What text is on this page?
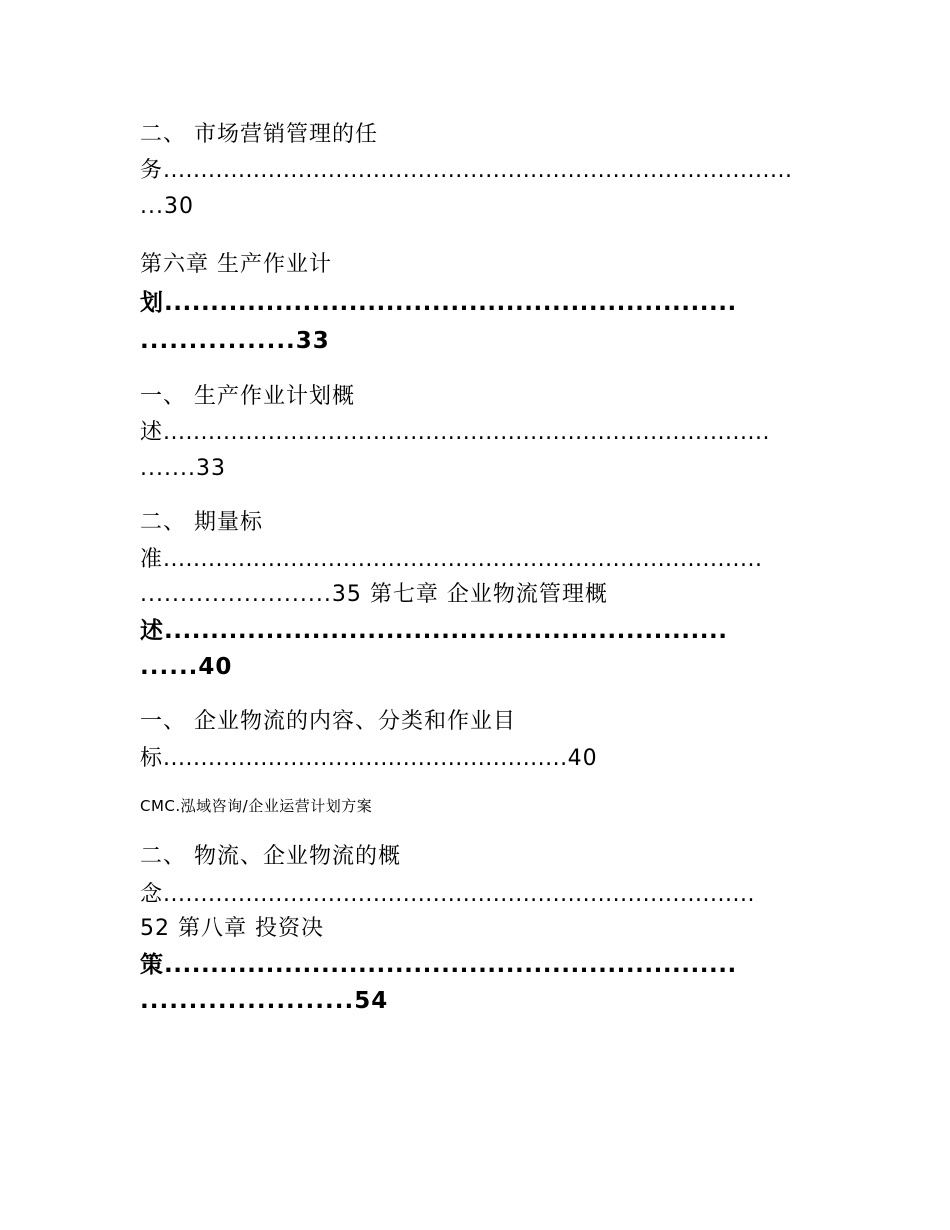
二、 市场营销管理的任
务....................................................................................
...30
第六章 生产作业计
划..............................................................
................33
一、 生产作业计划概
述.................................................................................
.......33
二、 期量标
准................................................................................
........................35 第七章 企业物流管理概
述.............................................................
......40
一、 企业物流的内容、分类和作业目
标......................................................40
CMC.泓域咨询/企业运营计划方案
二、 物流、企业物流的概
念...............................................................................
52 第八章 投资决
策..............................................................
......................54
